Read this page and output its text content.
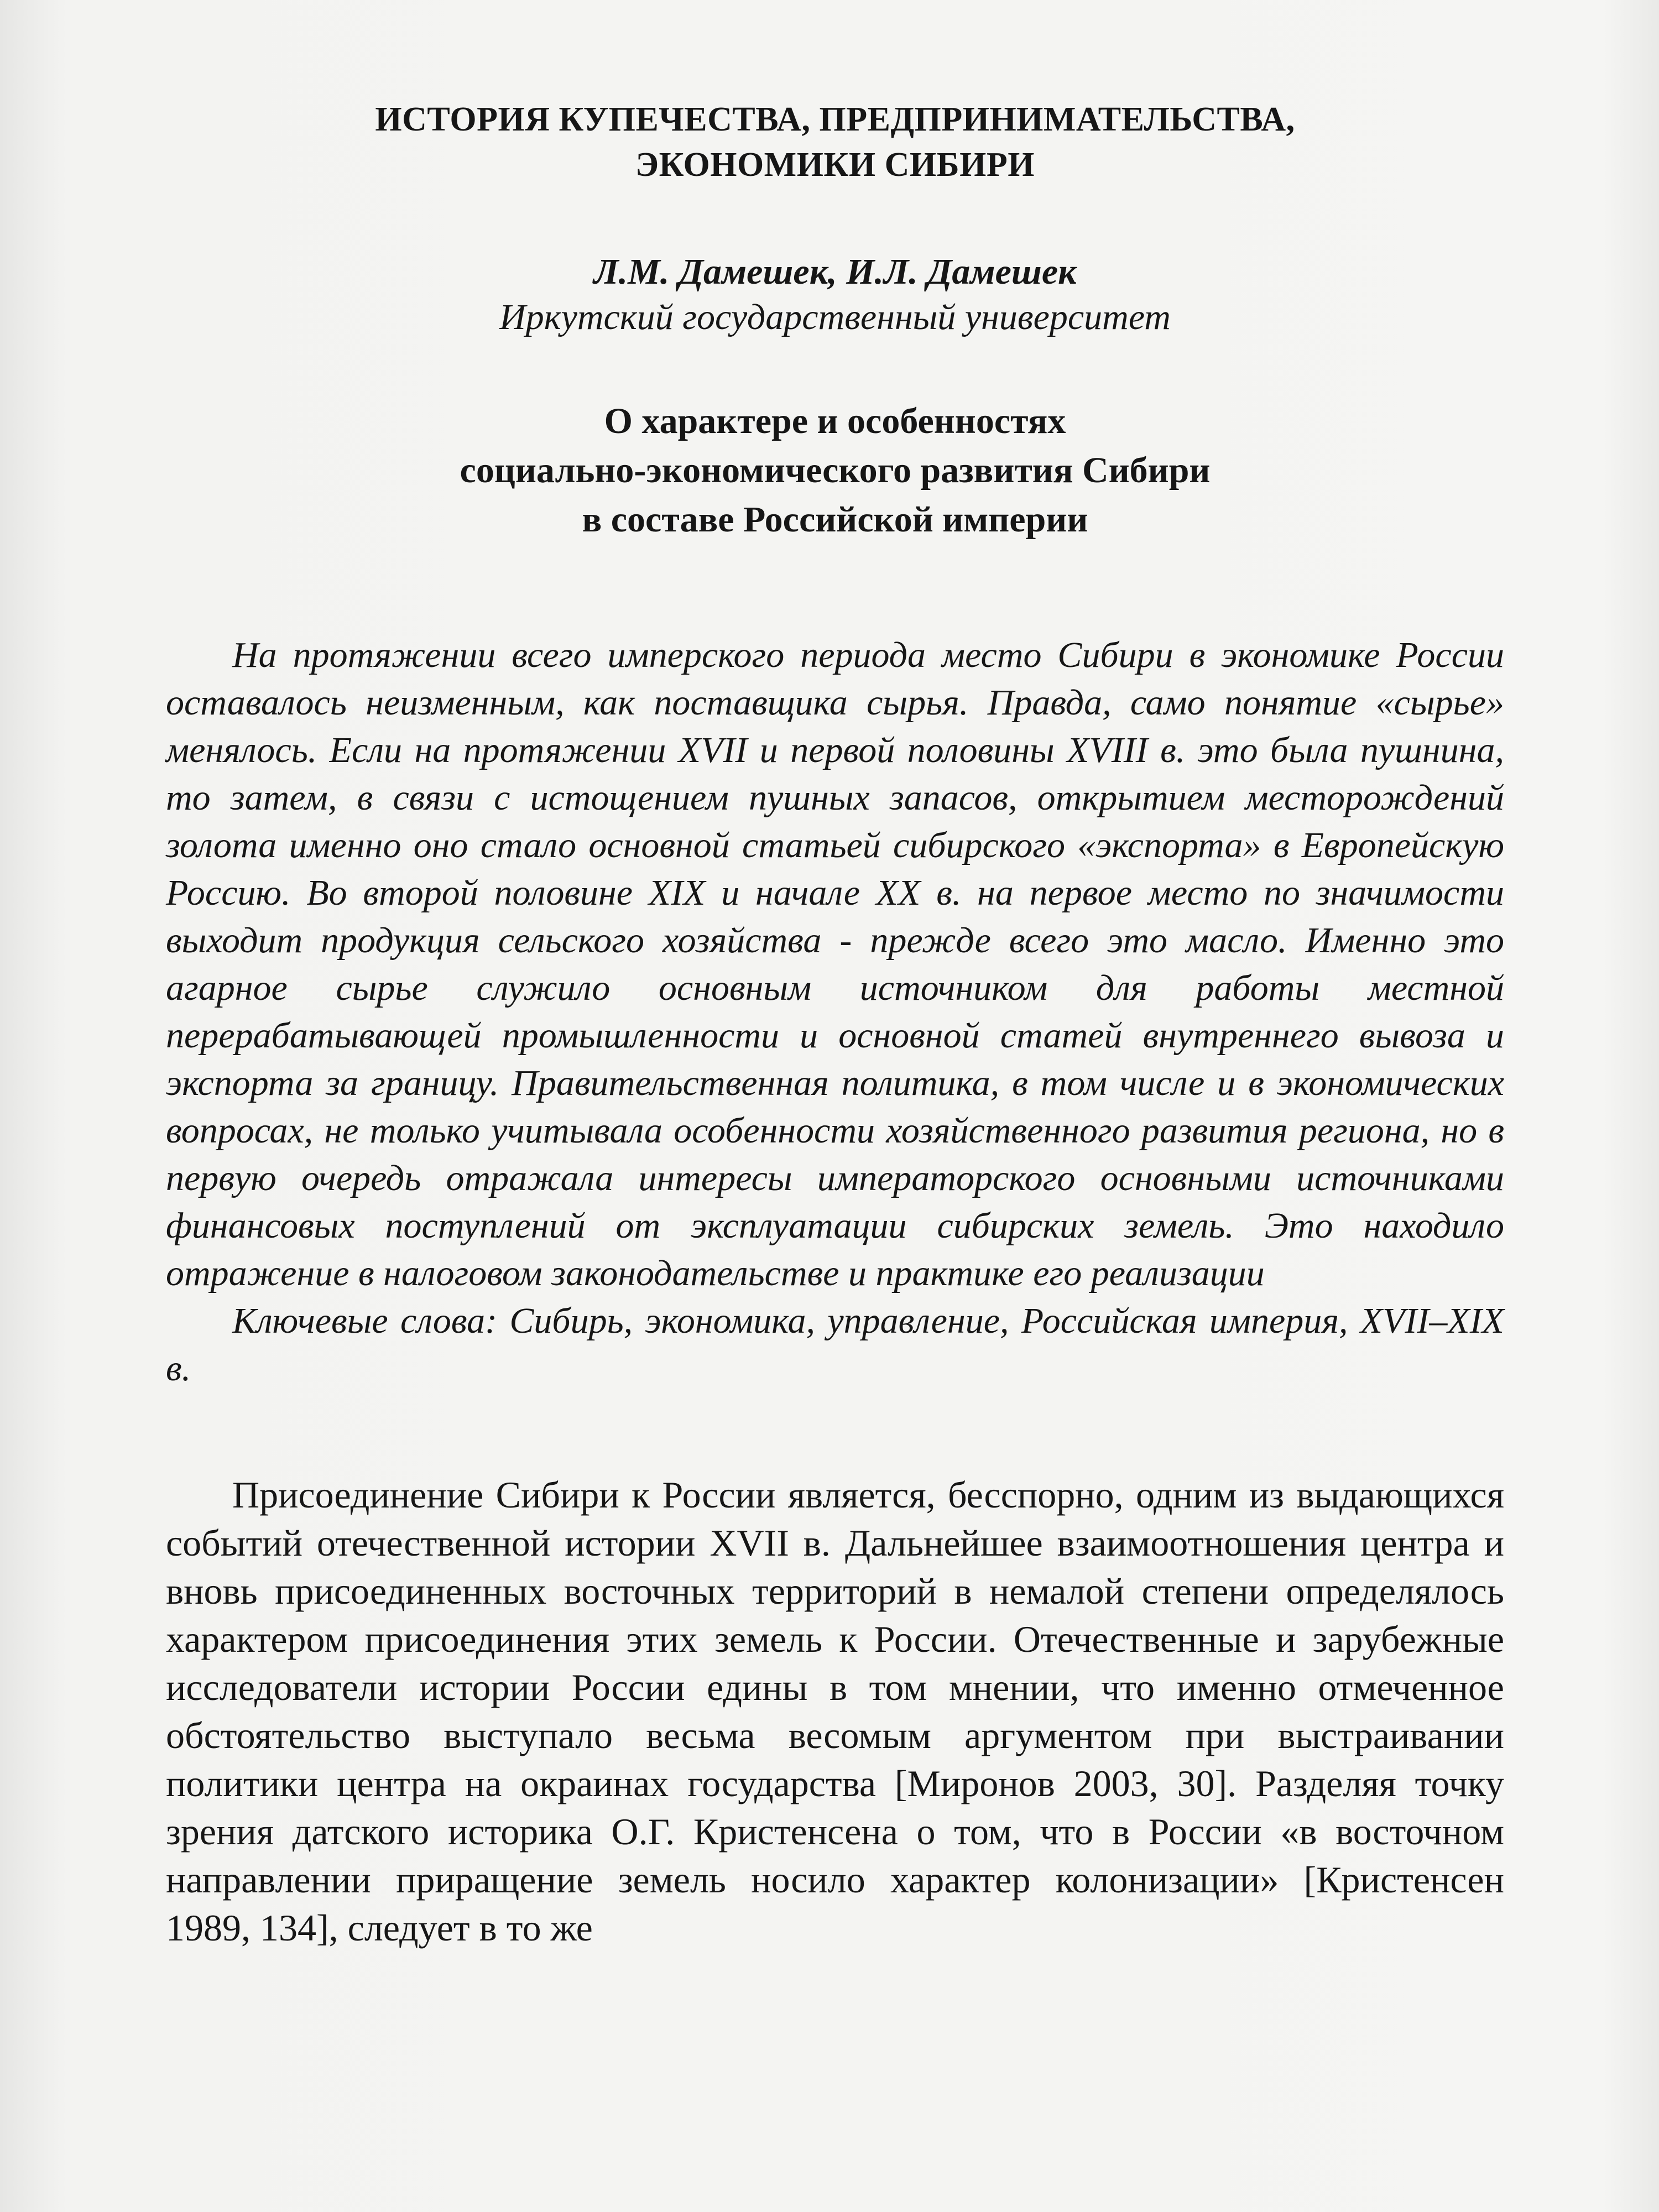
ИСТОРИЯ КУПЕЧЕСТВА, ПРЕДПРИНИМАТЕЛЬСТВА,
ЭКОНОМИКИ СИБИРИ

Л.М. Дамешек, И.Л. Дамешек

Иркутский государственный университет

О характере и особенностях
социально-экономического развития Сибири
в составе Российской империи

На протяжении всего имперского периода место Сибири в экономике России оставалось неизменным, как поставщика сырья. Правда, само понятие «сырье» менялось. Если на протяжении XVII и первой половины XVIII в. это была пушнина, то затем, в связи с истощением пушных запасов, открытием месторождений золота именно оно стало основной статьей сибирского «экспорта» в Европейскую Россию. Во второй половине XIX и начале XX в. на первое место по значимости выходит продукция сельского хозяйства - прежде всего это масло. Именно это агарное сырье служило основным источником для работы местной перерабатывающей промышленности и основной статей внутреннего вывоза и экспорта за границу. Правительственная политика, в том числе и в экономических вопросах, не только учитывала особенности хозяйственного развития региона, но в первую очередь отражала интересы императорского основными источниками финансовых поступлений от эксплуатации сибирских земель. Это находило отражение в налоговом законодательстве и практике его реализации

Ключевые слова: Сибирь, экономика, управление, Российская империя, XVII–XIX в.

Присоединение Сибири к России является, бесспорно, одним из выдающихся событий отечественной истории XVII в. Дальнейшее взаимоотношения центра и вновь присоединенных восточных территорий в немалой степени определялось характером присоединения этих земель к России. Отечественные и зарубежные исследователи истории России едины в том мнении, что именно отмеченное обстоятельство выступало весьма весомым аргументом при выстраивании политики центра на окраинах государства [Миронов 2003, 30]. Разделяя точку зрения датского историка О.Г. Кристенсена о том, что в России «в восточном направлении приращение земель носило характер колонизации» [Кристенсен 1989, 134], следует в то же
